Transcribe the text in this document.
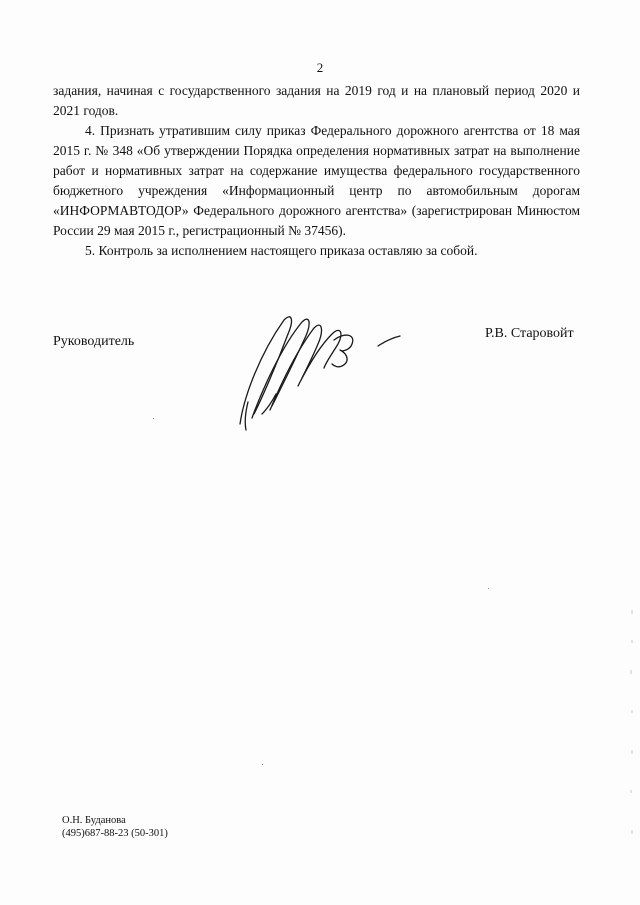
2

задания, начиная с государственного задания на 2019 год и на плановый период 2020 и 2021 годов.

4. Признать утратившим силу приказ Федерального дорожного агентства от 18 мая 2015 г. № 348 «Об утверждении Порядка определения нормативных затрат на выполнение работ и нормативных затрат на содержание имущества федерального государственного бюджетного учреждения «Информационный центр по автомобильным дорогам «ИНФОРМАВТОДОР» Федерального дорожного агентства» (зарегистрирован Минюстом России 29 мая 2015 г., регистрационный № 37456).

5. Контроль за исполнением настоящего приказа оставляю за собой.

Руководитель
Р.В. Старовойт
О.Н. Буданова
(495)687-88-23 (50-301)
